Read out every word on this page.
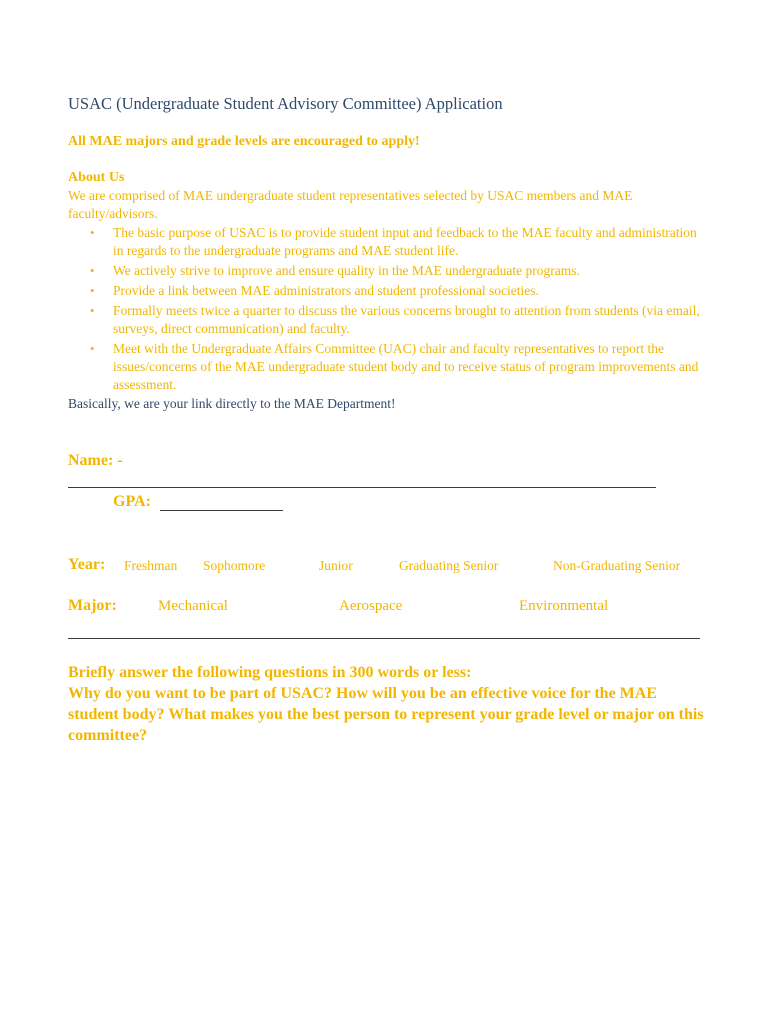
USAC (Undergraduate Student Advisory Committee) Application
All MAE majors and grade levels are encouraged to apply!
About Us
We are comprised of MAE undergraduate student representatives selected by USAC members and MAE faculty/advisors.
• The basic purpose of USAC is to provide student input and feedback to the MAE faculty and administration in regards to the undergraduate programs and MAE student life.
• We actively strive to improve and ensure quality in the MAE undergraduate programs.
• Provide a link between MAE administrators and student professional societies.
• Formally meets twice a quarter to discuss the various concerns brought to attention from students (via email, surveys, direct communication) and faculty.
• Meet with the Undergraduate Affairs Committee (UAC) chair and faculty representatives to report the issues/concerns of the MAE undergraduate student body and to receive status of program improvements and assessment.
Basically, we are your link directly to the MAE Department!
Name: -
GPA:
Year: Freshman Sophomore	Junior	Graduating Senior	Non-Graduating Senior
Major:	Mechanical	Aerospace	Environmental
Briefly answer the following questions in 300 words or less:
Why do you want to be part of USAC? How will you be an effective voice for the MAE student body? What makes you the best person to represent your grade level or major on this committee?
